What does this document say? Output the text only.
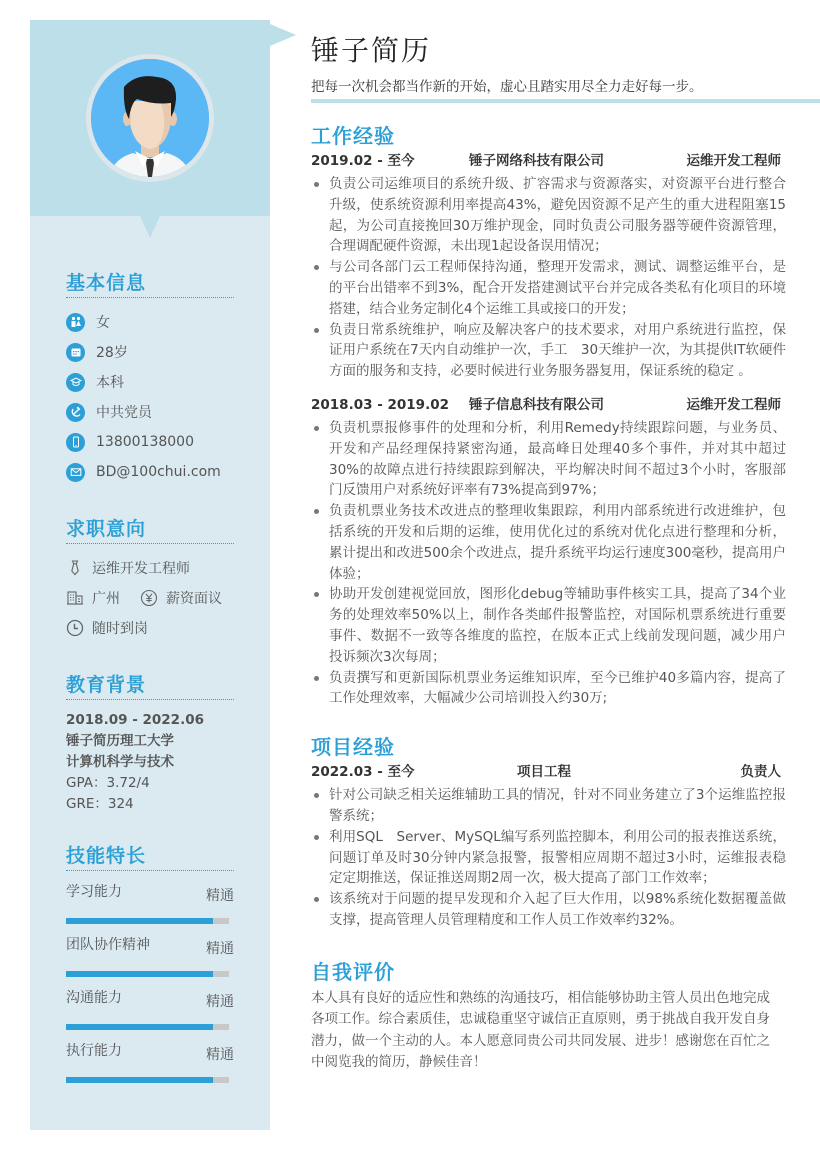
基本信息
女
28岁
本科
中共党员
13800138000
BD@100chui.com
求职意向
运维开发工程师
广州	薪资面议
随时到岗
教育背景
2018.09 - 2022.06
锤子简历理工大学
计算机科学与技术
GPA：3.72/4
GRE：324
技能特长
学习能力	精通
团队协作精神	精通
沟通能力	精通
执行能力	精通
锤子简历
把每一次机会都当作新的开始，虚心且踏实用尽全力走好每一步。
工作经验
2019.02 - 至今	锤子网络科技有限公司	运维开发工程师
负责公司运维项目的系统升级、扩容需求与资源落实，对资源平台进行整合升级，使系统资源利用率提高43%，避免因资源不足产生的重大进程阻塞15起，为公司直接挽回30万维护现金，同时负责公司服务器等硬件资源管理，合理调配硬件资源，未出现1起设备误用情况；
与公司各部门云工程师保持沟通，整理开发需求，测试、调整运维平台，是的平台出错率不到3%，配合开发搭建测试平台并完成各类私有化项目的环境搭建，结合业务定制化4个运维工具或接口的开发；
负责日常系统维护，响应及解决客户的技术要求，对用户系统进行监控，保证用户系统在7天内自动维护一次，手工　30天维护一次，为其提供IT软硬件方面的服务和支持，必要时候进行业务服务器复用，保证系统的稳定 。
2018.03 - 2019.02	锤子信息科技有限公司	运维开发工程师
负责机票报修事件的处理和分析，利用Remedy持续跟踪问题，与业务员、开发和产品经理保持紧密沟通，最高峰日处理40多个事件，并对其中超过30%的故障点进行持续跟踪到解决，平均解决时间不超过3个小时，客服部门反馈用户对系统好评率有73%提高到97%；
负责机票业务技术改进点的整理收集跟踪，利用内部系统进行改进维护，包括系统的开发和后期的运维，使用优化过的系统对优化点进行整理和分析，累计提出和改进500余个改进点，提升系统平均运行速度300毫秒，提高用户体验；
协助开发创建视觉回放，图形化debug等辅助事件核实工具，提高了34个业务的处理效率50%以上，制作各类邮件报警监控，对国际机票系统进行重要事件、数据不一致等各维度的监控，在版本正式上线前发现问题，减少用户投诉频次3次每周；
负责撰写和更新国际机票业务运维知识库，至今已维护40多篇内容，提高了工作处理效率，大幅减少公司培训投入约30万;
项目经验
2022.03 - 至今	项目工程	负责人
针对公司缺乏相关运维辅助工具的情况，针对不同业务建立了3个运维监控报警系统；
利用SQL　Server、MySQL编写系列监控脚本，利用公司的报表推送系统，问题订单及时30分钟内紧急报警，报警相应周期不超过3小时，运维报表稳定定期推送，保证推送周期2周一次，极大提高了部门工作效率；
该系统对于问题的提早发现和介入起了巨大作用，以98%系统化数据覆盖做支撑，提高管理人员管理精度和工作人员工作效率约32%。
自我评价
本人具有良好的适应性和熟练的沟通技巧，相信能够协助主管人员出色地完成各项工作。综合素质佳，忠诚稳重坚守诚信正直原则，勇于挑战自我开发自身潜力，做一个主动的人。本人愿意同贵公司共同发展、进步！感谢您在百忙之中阅览我的简历，静候佳音！
